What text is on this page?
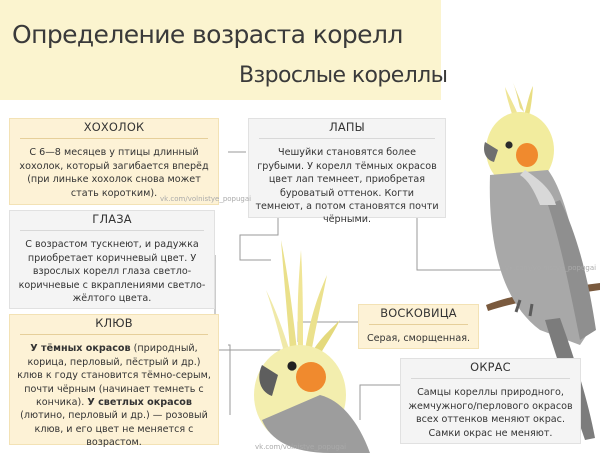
Определение возраста корелл
Взрослые кореллы
ХОХОЛОК

С 6—8 месяцев у птицы длинный хохолок, который загибается вперёд (при линьке хохолок снова может стать коротким).

ЛАПЫ

Чешуйки становятся более грубыми. У корелл тёмных окрасов цвет лап темнеет, приобретая буроватый оттенок. Когти темнеют, а потом становятся почти чёрными.

ГЛАЗА

С возрастом тускнеют, и радужка приобретает коричневый цвет. У взрослых корелл глаза светло-коричневые с вкраплениями светло-жёлтого цвета.

ВОСКОВИЦА

Серая, сморщенная.

КЛЮВ

У тёмных окрасов (природный, корица, перловый, пёстрый и др.) клюв к году становится тёмно-серым, почти чёрным (начинает темнеть с кончика). У светлых окрасов (лютино, перловый и др.) — розовый клюв, и его цвет не меняется с возрастом.

ОКРАС

Самцы кореллы природного, жемчужного/перлового окрасов всех оттенков меняют окрас. Самки окрас не меняют.

vk.com/volnistye_popugai
vk.com/volnistye_popugai
vk.com/volnistye_popugai
